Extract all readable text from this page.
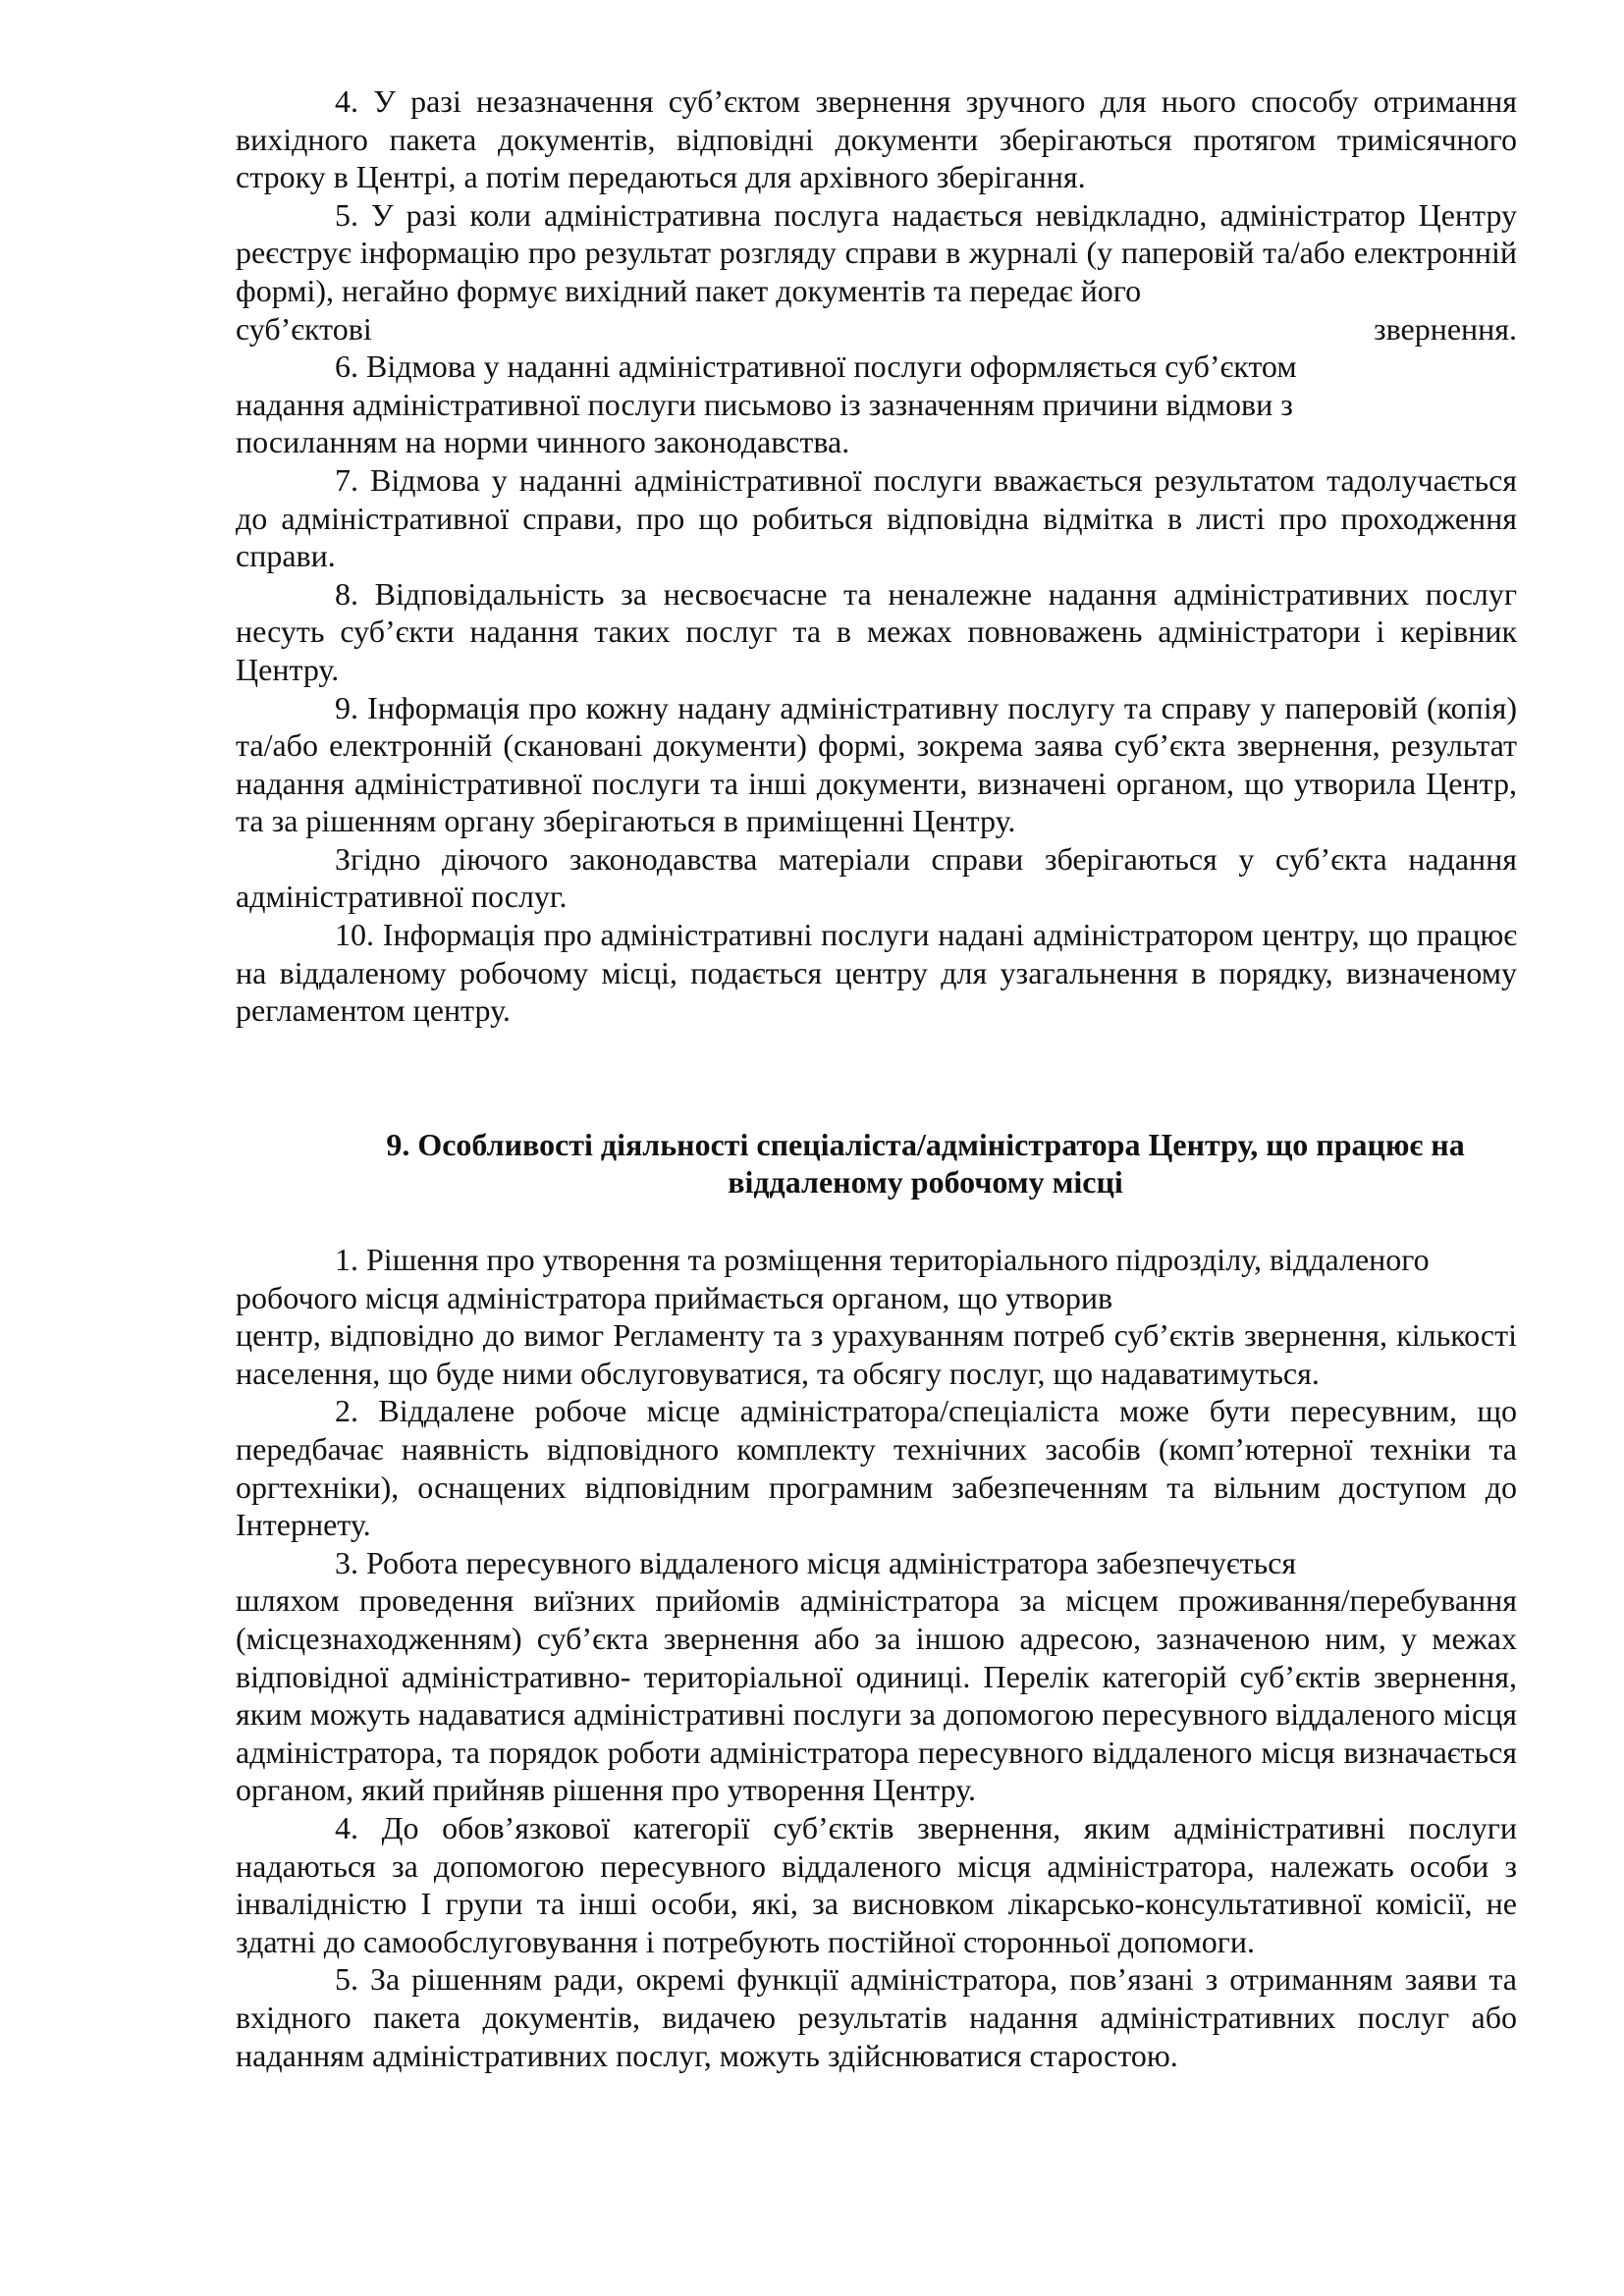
4. У разі незазначення суб’єктом звернення зручного для нього способу отримання вихідного пакета документів, відповідні документи зберігаються протягом тримісячного строку в Центрі, а потім передаються для архівного зберігання.

5. У разі коли адміністративна послуга надається невідкладно, адміністратор Центру реєструє інформацію про результат розгляду справи в журналі (у паперовій та/або електронній формі), негайно формує вихідний пакет документів та передає його

суб’єктові	звернення.
6. Відмова у наданні адміністративної послуги оформляється суб’єктом
надання адміністративної послуги письмово із зазначенням причини відмови з
посиланням на норми чинного законодавства.

7. Відмова у наданні адміністративної послуги вважається результатом тадолучається до адміністративної справи, про що робиться відповідна відмітка в листі про проходження справи.

8. Відповідальність за несвоєчасне та неналежне надання адміністративних послуг несуть суб’єкти надання таких послуг та в межах повноважень адміністратори і керівник Центру.

9. Інформація про кожну надану адміністративну послугу та справу у паперовій (копія) та/або електронній (скановані документи) формі, зокрема заява суб’єкта звернення, результат надання адміністративної послуги та інші документи, визначені органом, що утворила Центр, та за рішенням органу зберігаються в приміщенні Центру.

Згідно діючого законодавства матеріали справи зберігаються у суб’єкта надання адміністративної послуг.

10. Інформація про адміністративні послуги надані адміністратором центру, що працює на віддаленому робочому місці, подається центру для узагальнення в порядку, визначеному регламентом центру.

9. Особливості діяльності спеціаліста/адміністратора Центру, що працює на
віддаленому робочому місці
1. Рішення про утворення та розміщення територіального підрозділу, віддаленого
робочого місця адміністратора приймається органом, що утворив

центр, відповідно до вимог Регламенту та з урахуванням потреб суб’єктів звернення, кількості населення, що буде ними обслуговуватися, та обсягу послуг, що надаватимуться.

2. Віддалене робоче місце адміністратора/спеціаліста може бути пересувним, що передбачає наявність відповідного комплекту технічних засобів (комп’ютерної техніки та оргтехніки), оснащених відповідним програмним забезпеченням та вільним доступом до Інтернету.

3. Робота пересувного віддаленого місця адміністратора забезпечується

шляхом проведення виїзних прийомів адміністратора за місцем проживання/перебування (місцезнаходженням) суб’єкта звернення або за іншою адресою, зазначеною ним, у межах відповідної адміністративно- територіальної одиниці. Перелік категорій суб’єктів звернення, яким можуть надаватися адміністративні послуги за допомогою пересувного віддаленого місця адміністратора, та порядок роботи адміністратора пересувного віддаленого місця визначається органом, який прийняв рішення про утворення Центру.

4. До обов’язкової категорії суб’єктів звернення, яким адміністративні послуги надаються за допомогою пересувного віддаленого місця адміністратора, належать особи з інвалідністю I групи та інші особи, які, за висновком лікарсько-консультативної комісії, не здатні до самообслуговування і потребують постійної сторонньої допомоги.

5. За рішенням ради, окремі функції адміністратора, пов’язані з отриманням заяви та вхідного пакета документів, видачею результатів надання адміністративних послуг або наданням адміністративних послуг, можуть здійснюватися старостою.
